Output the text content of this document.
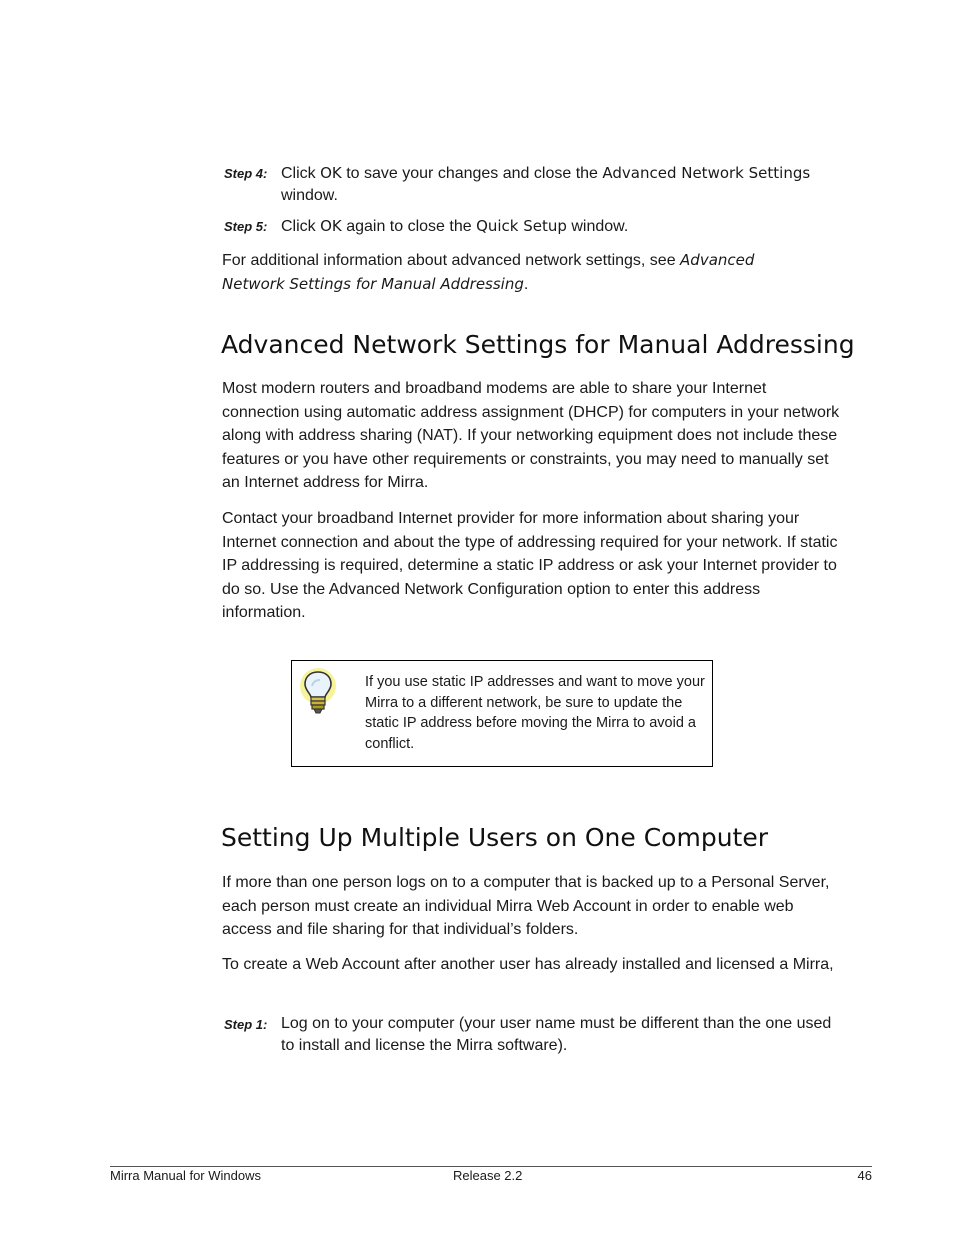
Step 4: Click OK to save your changes and close the Advanced Network Settings window.
Step 5: Click OK again to close the Quick Setup window.
For additional information about advanced network settings, see Advanced Network Settings for Manual Addressing.
Advanced Network Settings for Manual Addressing
Most modern routers and broadband modems are able to share your Internet connection using automatic address assignment (DHCP) for computers in your network along with address sharing (NAT). If your networking equipment does not include these features or you have other requirements or constraints, you may need to manually set an Internet address for Mirra.
Contact your broadband Internet provider for more information about sharing your Internet connection and about the type of addressing required for your network. If static IP addressing is required, determine a static IP address or ask your Internet provider to do so. Use the Advanced Network Configuration option to enter this address information.
If you use static IP addresses and want to move your Mirra to a different network, be sure to update the static IP address before moving the Mirra to avoid a conflict.
Setting Up Multiple Users on One Computer
If more than one person logs on to a computer that is backed up to a Personal Server, each person must create an individual Mirra Web Account in order to enable web access and file sharing for that individual’s folders.
To create a Web Account after another user has already installed and licensed a Mirra,
Step 1: Log on to your computer (your user name must be different than the one used to install and license the Mirra software).
Mirra Manual for Windows	Release 2.2	46
